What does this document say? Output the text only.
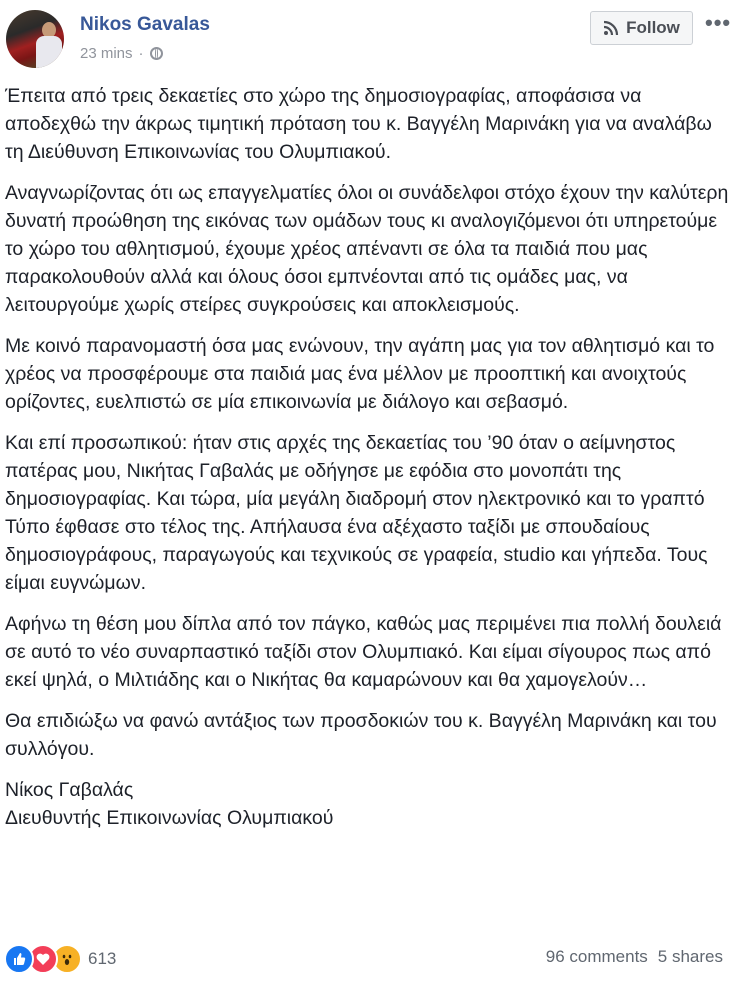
Nikos Gavalas
23 mins ·
Follow •••

Έπειτα από τρεις δεκαετίες στο χώρο της δημοσιογραφίας, αποφάσισα να αποδεχθώ την άκρως τιμητική πρόταση του κ. Βαγγέλη Μαρινάκη για να αναλάβω τη Διεύθυνση Επικοινωνίας του Ολυμπιακού.

Αναγνωρίζοντας ότι ως επαγγελματίες όλοι οι συνάδελφοι στόχο έχουν την καλύτερη δυνατή προώθηση της εικόνας των ομάδων τους κι αναλογιζόμενοι ότι υπηρετούμε το χώρο του αθλητισμού, έχουμε χρέος απέναντι σε όλα τα παιδιά που μας παρακολουθούν αλλά και όλους όσοι εμπνέονται από τις ομάδες μας, να λειτουργούμε χωρίς στείρες συγκρούσεις και αποκλεισμούς.

Με κοινό παρανομαστή όσα μας ενώνουν, την αγάπη μας για τον αθλητισμό και το χρέος να προσφέρουμε στα παιδιά μας ένα μέλλον με προοπτική και ανοιχτούς ορίζοντες, ευελπιστώ σε μία επικοινωνία με διάλογο και σεβασμό.

Και επί προσωπικού: ήταν στις αρχές της δεκαετίας του ’90 όταν ο αείμνηστος πατέρας μου, Νικήτας Γαβαλάς με οδήγησε με εφόδια στο μονοπάτι της δημοσιογραφίας. Και τώρα, μία μεγάλη διαδρομή στον ηλεκτρονικό και το γραπτό Τύπο έφθασε στο τέλος της. Απήλαυσα ένα αξέχαστο ταξίδι με σπουδαίους δημοσιογράφους, παραγωγούς και τεχνικούς σε γραφεία, studio και γήπεδα. Τους είμαι ευγνώμων.

Αφήνω τη θέση μου δίπλα από τον πάγκο, καθώς μας περιμένει πια πολλή δουλειά σε αυτό το νέο συναρπαστικό ταξίδι στον Ολυμπιακό. Και είμαι σίγουρος πως από εκεί ψηλά, ο Μιλτιάδης και ο Νικήτας θα καμαρώνουν και θα χαμογελούν…

Θα επιδιώξω να φανώ αντάξιος των προσδοκιών του κ. Βαγγέλη Μαρινάκη και του συλλόγου.

Νίκος Γαβαλάς

Διευθυντής Επικοινωνίας Ολυμπιακού

613	96 comments 5 shares
